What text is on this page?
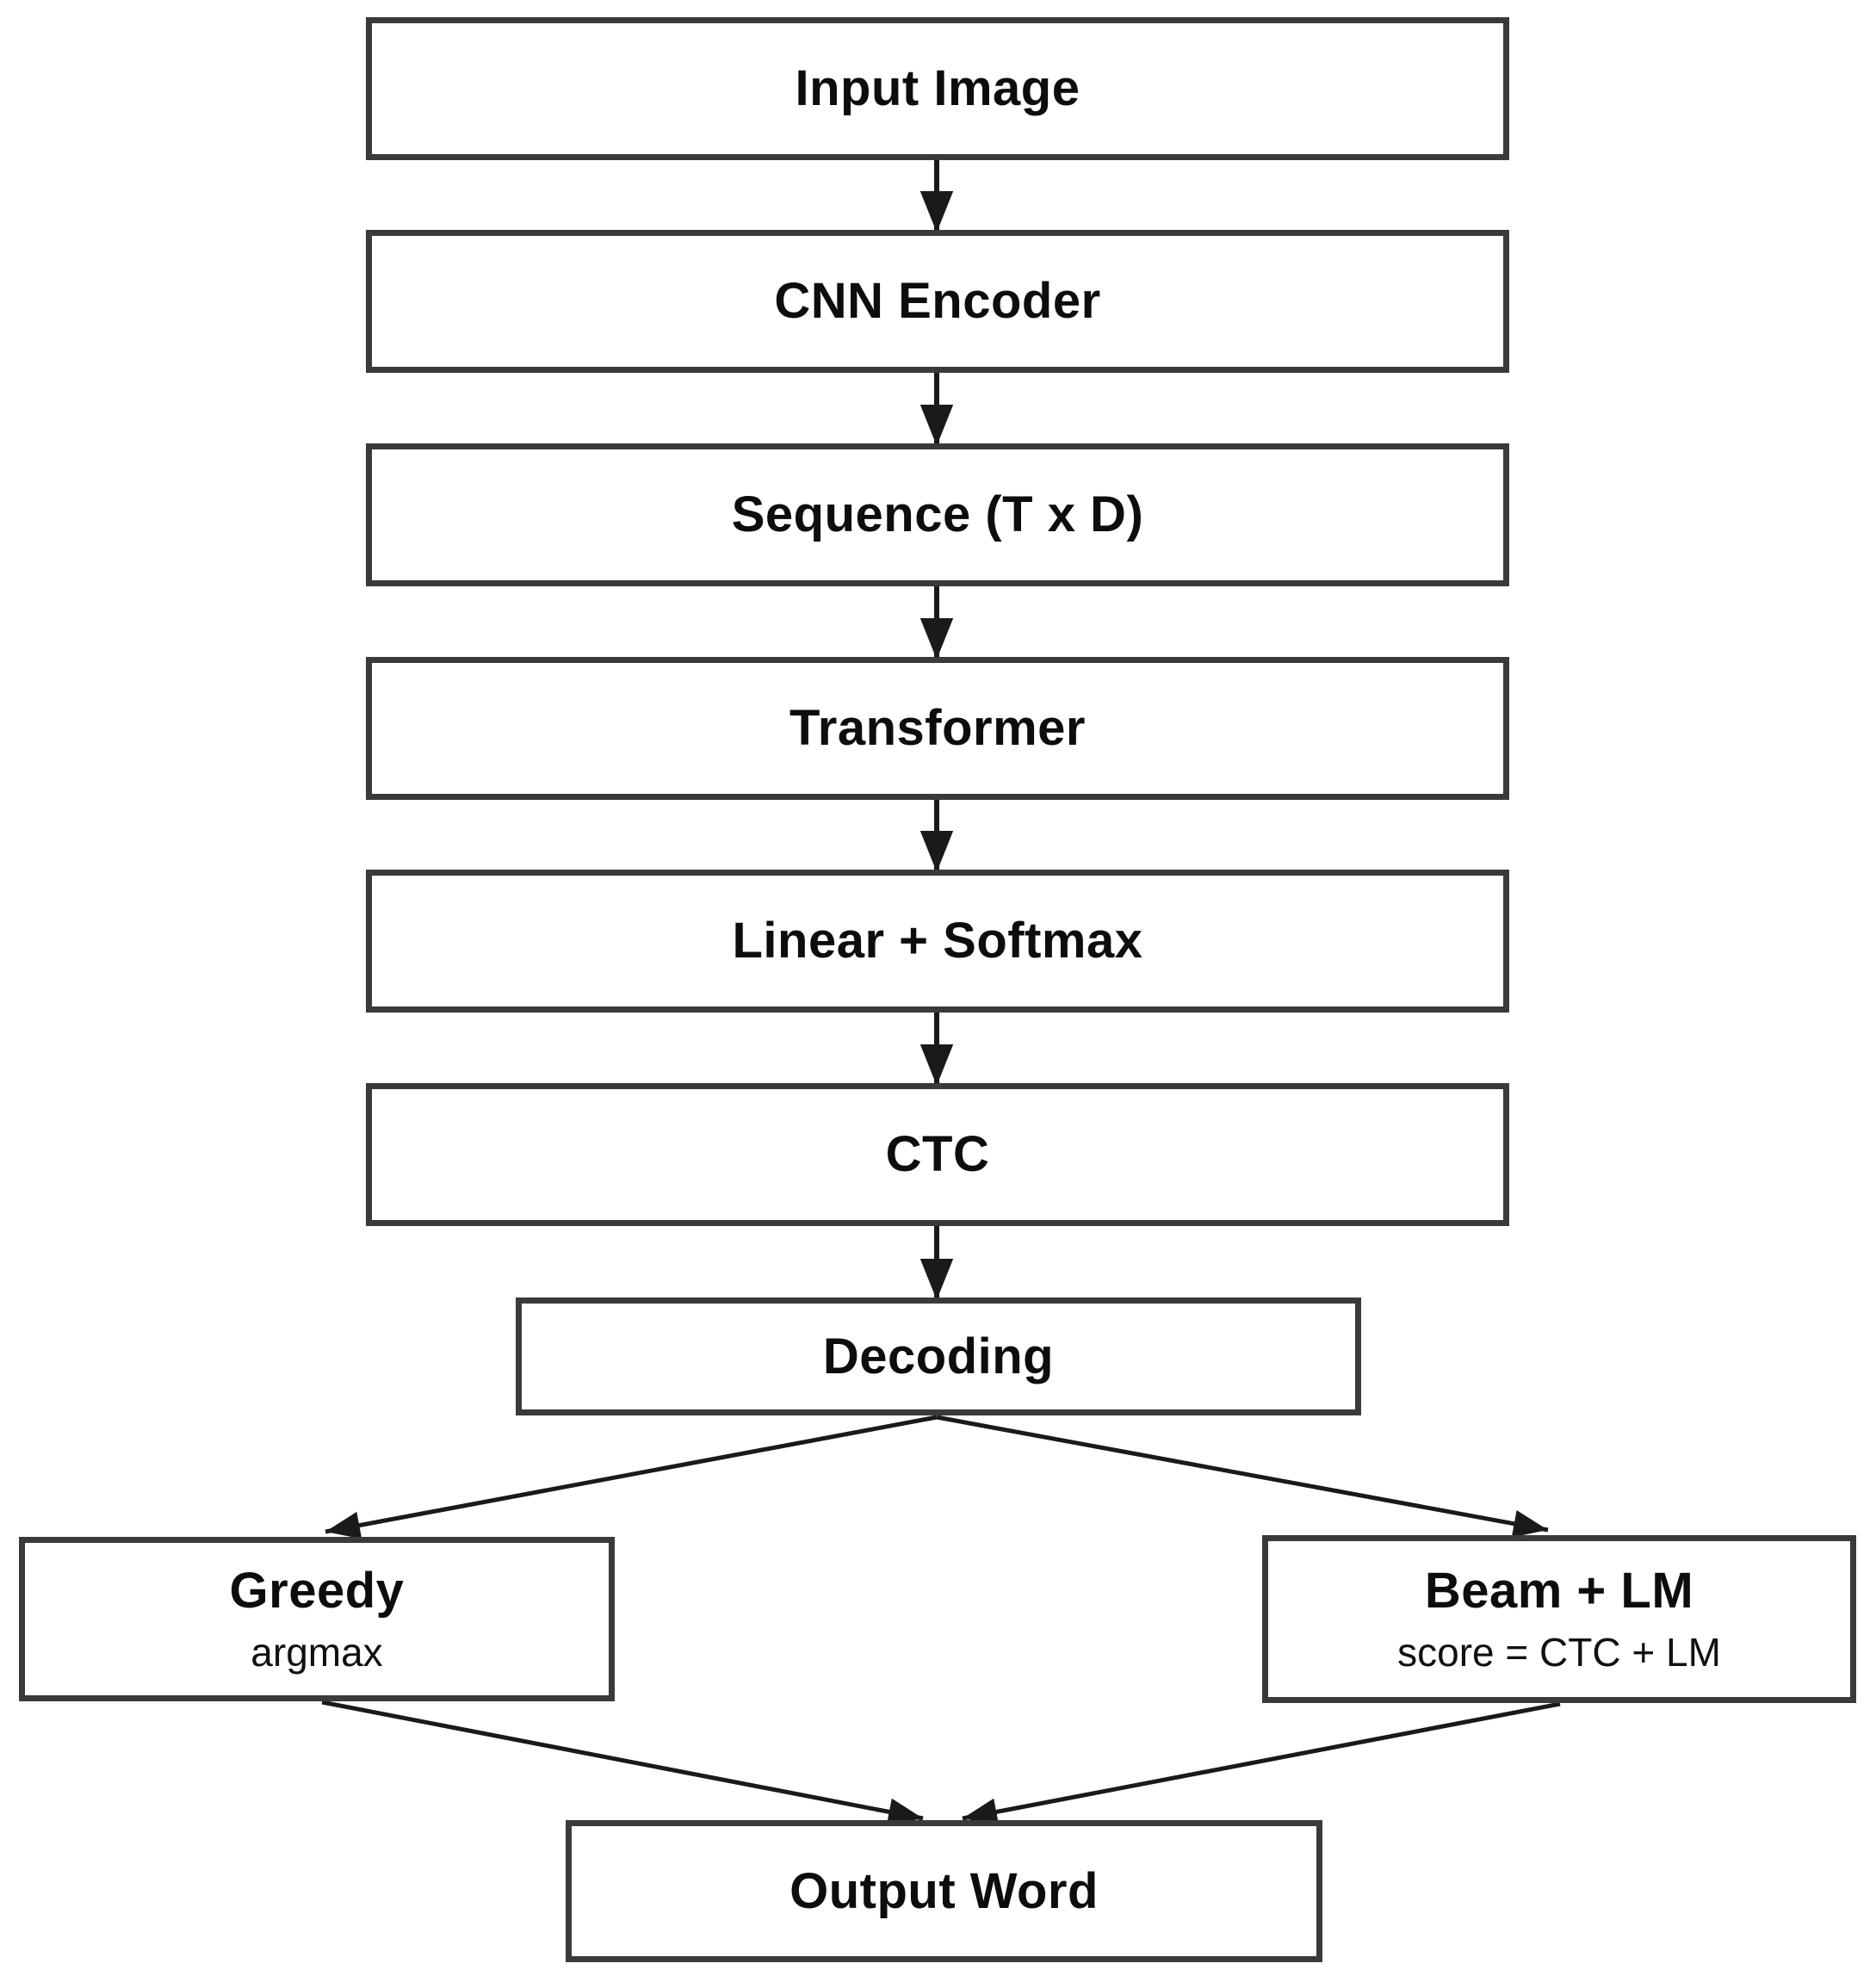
Input Image
CNN Encoder
Sequence (T x D)
Transformer
Linear + Softmax
CTC
Decoding
Greedy
argmax
Beam + LM
score = CTC + LM
Output Word
